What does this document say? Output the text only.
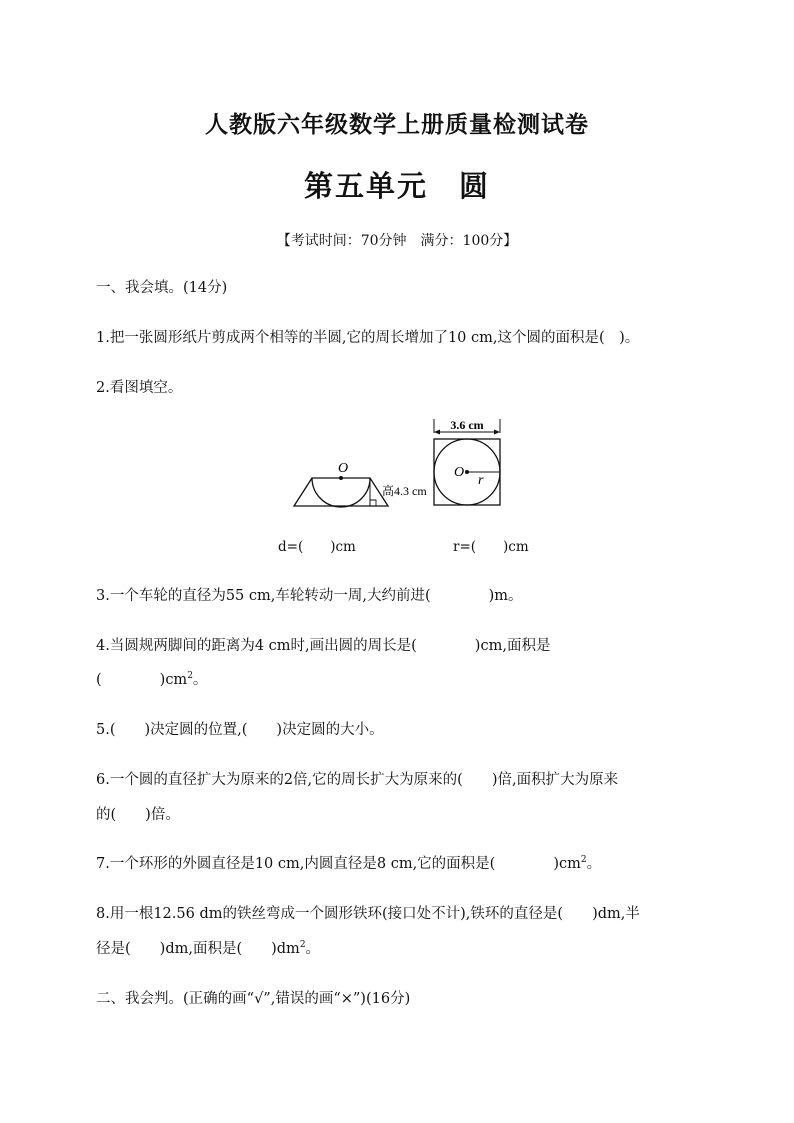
人教版六年级数学上册质量检测试卷
第五单元　圆
【考试时间：70分钟　满分：100分】
一、我会填。(14分)
1.把一张圆形纸片剪成两个相等的半圆,它的周长增加了10 cm,这个圆的面积是(　)。
2.看图填空。
O
高4.3 cm
3.6 cm
O
r
d=(　　)cm	r=(　　)cm
3.一个车轮的直径为55 cm,车轮转动一周,大约前进(　　　　)m。
4.当圆规两脚间的距离为4 cm时,画出圆的周长是(　　　　)cm,面积是
(　　　　)$cm^2$。
5.(　　)决定圆的位置,(　　)决定圆的大小。
6.一个圆的直径扩大为原来的2倍,它的周长扩大为原来的(　　)倍,面积扩大为原来
的(　　)倍。
7.一个环形的外圆直径是10 cm,内圆直径是8 cm,它的面积是(　　　　)$cm^2$。
8.用一根12.56 dm的铁丝弯成一个圆形铁环(接口处不计),铁环的直径是(　　)dm,半
径是(　　)dm,面积是(　　)$dm^2$。
二、我会判。(正确的画“√”,错误的画“×”)(16分)
